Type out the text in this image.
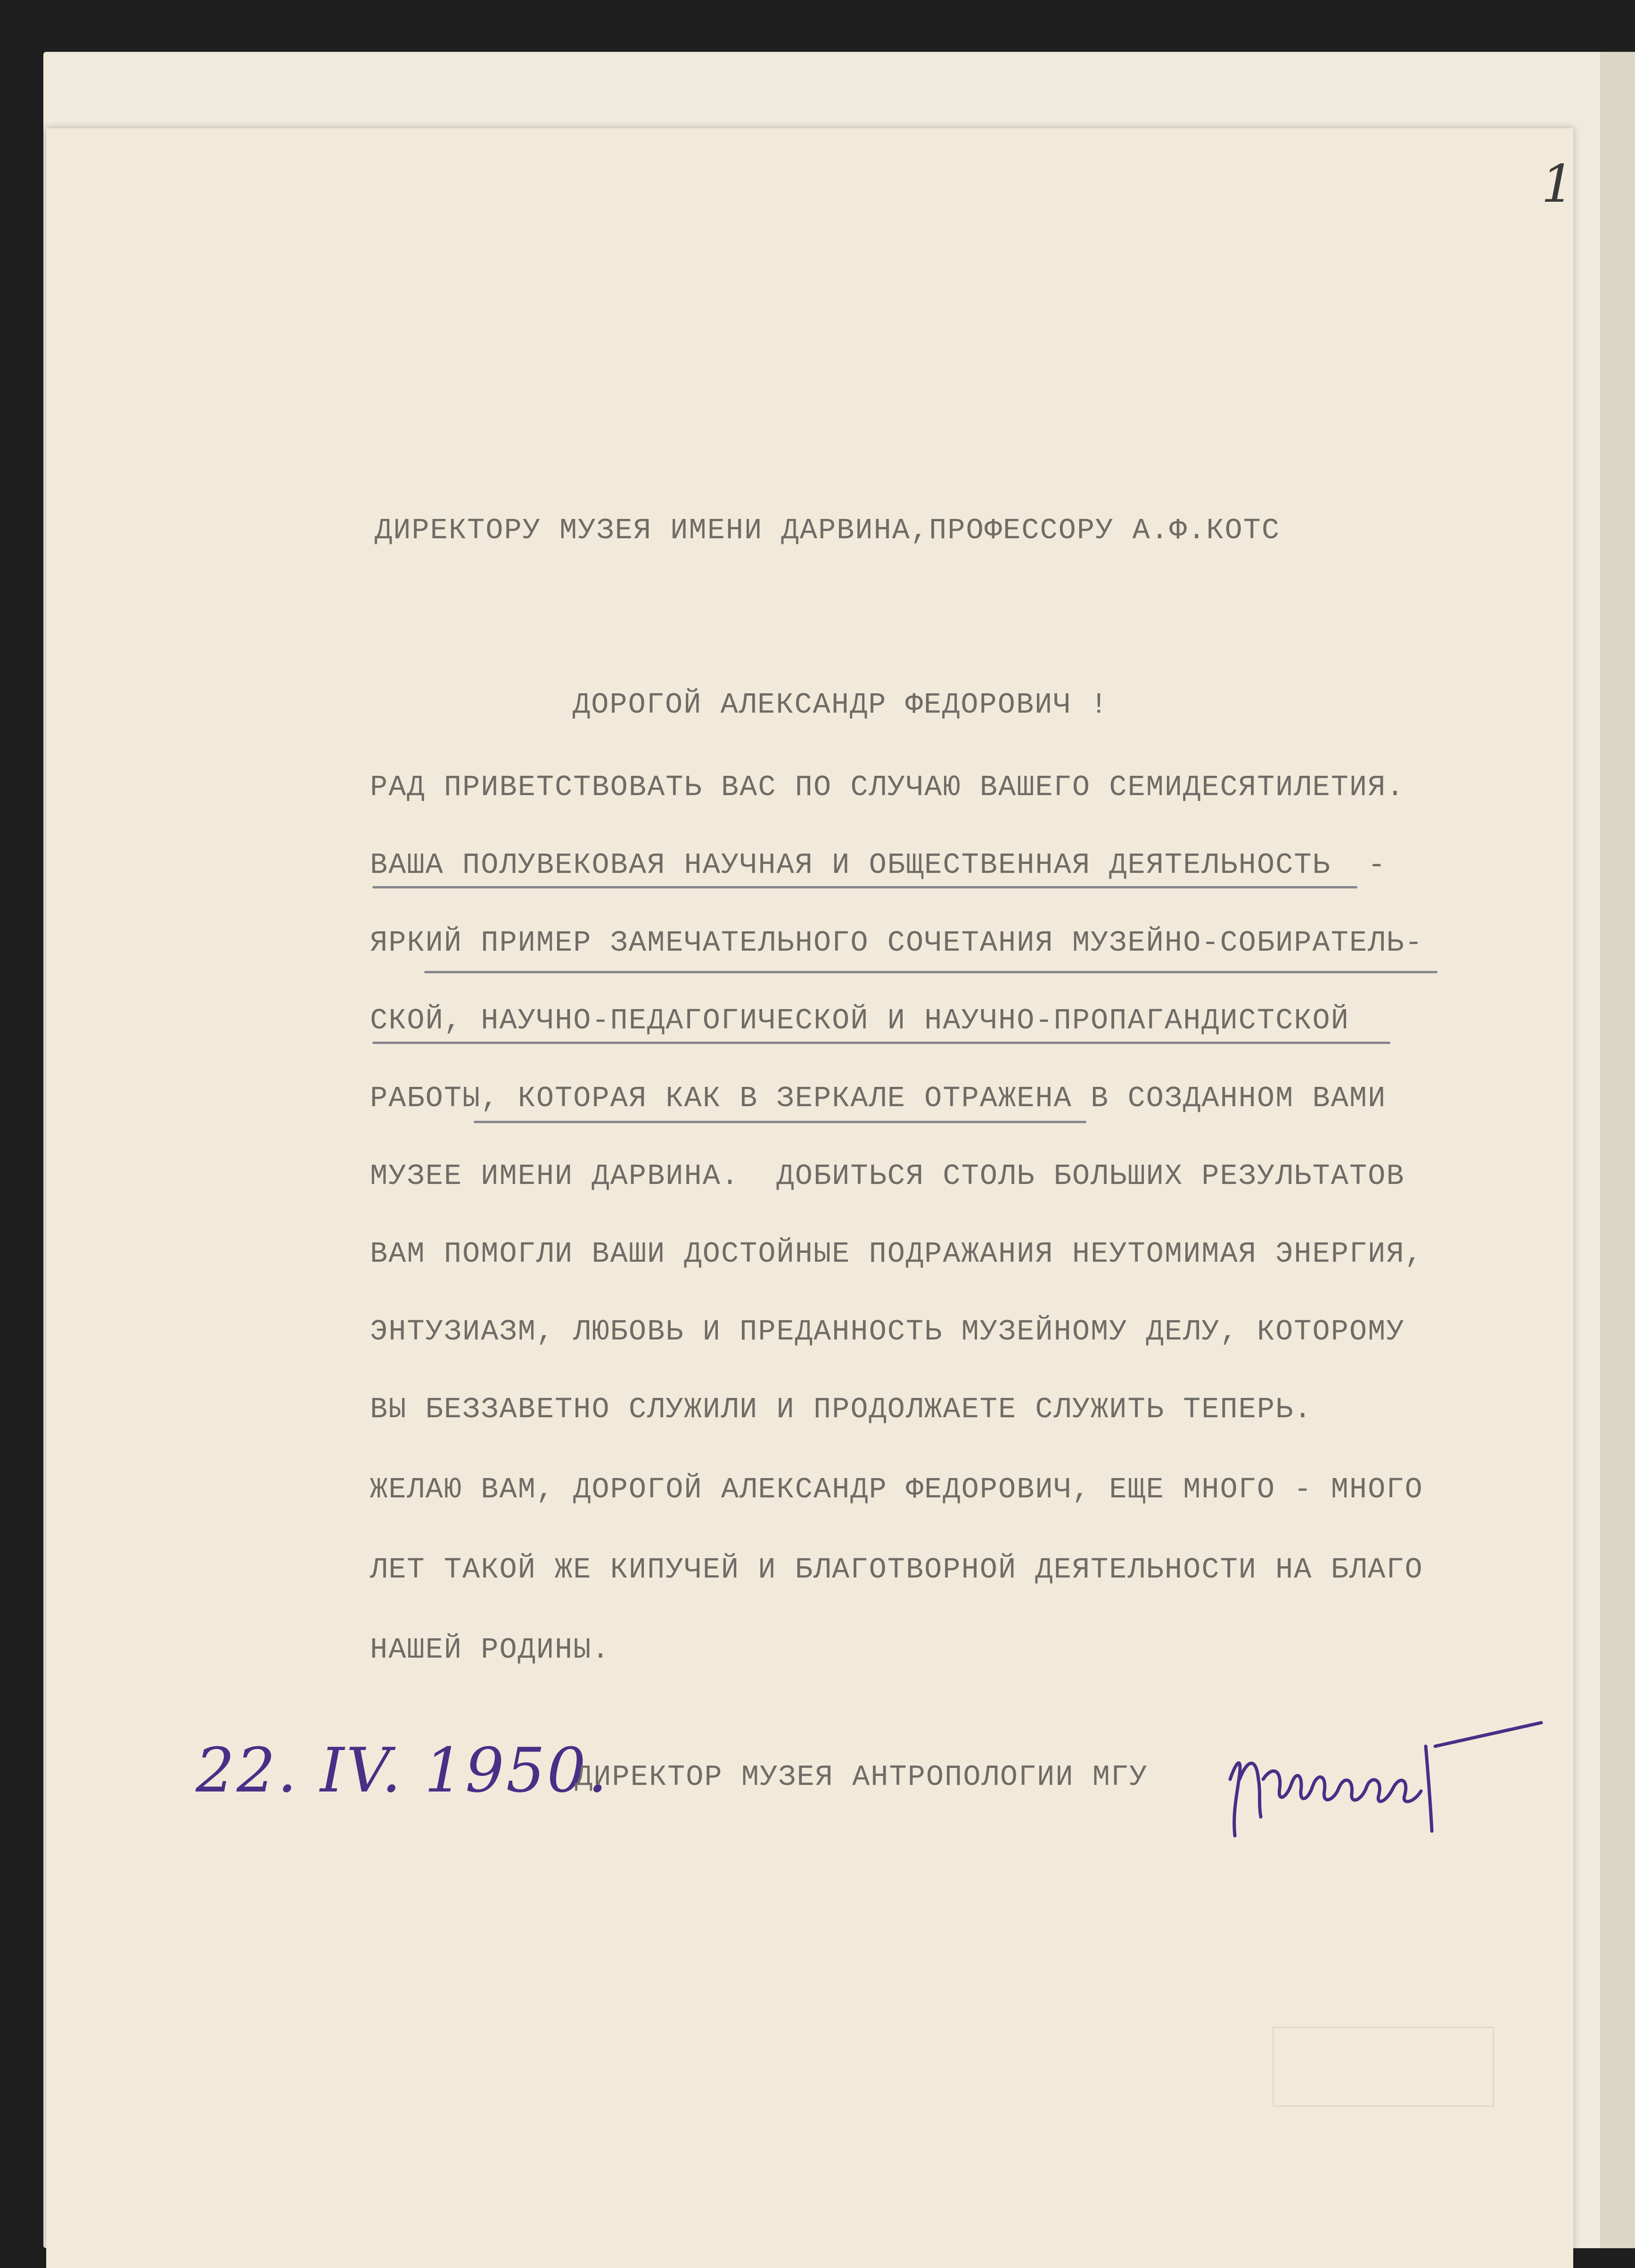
1
ДИРЕКТОРУ МУЗЕЯ ИМЕНИ ДАРВИНА,ПРОФЕССОРУ А.Ф.КОТС
ДОРОГОЙ АЛЕКСАНДР ФЕДОРОВИЧ !
РАД ПРИВЕТСТВОВАТЬ ВАС ПО СЛУЧАЮ ВАШЕГО СЕМИДЕСЯТИЛЕТИЯ.
ВАША ПОЛУВЕКОВАЯ НАУЧНАЯ И ОБЩЕСТВЕННАЯ ДЕЯТЕЛЬНОСТЬ  -
ЯРКИЙ ПРИМЕР ЗАМЕЧАТЕЛЬНОГО СОЧЕТАНИЯ МУЗЕЙНО-СОБИРАТЕЛЬ-
СКОЙ, НАУЧНО-ПЕДАГОГИЧЕСКОЙ И НАУЧНО-ПРОПАГАНДИСТСКОЙ
РАБОТЫ, КОТОРАЯ КАК В ЗЕРКАЛЕ ОТРАЖЕНА В СОЗДАННОМ ВАМИ
МУЗЕЕ ИМЕНИ ДАРВИНА.  ДОБИТЬСЯ СТОЛЬ БОЛЬШИХ РЕЗУЛЬТАТОВ
ВАМ ПОМОГЛИ ВАШИ ДОСТОЙНЫЕ ПОДРАЖАНИЯ НЕУТОМИМАЯ ЭНЕРГИЯ,
ЭНТУЗИАЗМ, ЛЮБОВЬ И ПРЕДАННОСТЬ МУЗЕЙНОМУ ДЕЛУ, КОТОРОМУ
ВЫ БЕЗЗАВЕТНО СЛУЖИЛИ И ПРОДОЛЖАЕТЕ СЛУЖИТЬ ТЕПЕРЬ.
ЖЕЛАЮ ВАМ, ДОРОГОЙ АЛЕКСАНДР ФЕДОРОВИЧ, ЕЩЕ МНОГО - МНОГО
ЛЕТ ТАКОЙ ЖЕ КИПУЧЕЙ И БЛАГОТВОРНОЙ ДЕЯТЕЛЬНОСТИ НА БЛАГО
НАШЕЙ РОДИНЫ.
22. IV. 1950.
ДИРЕКТОР МУЗЕЯ АНТРОПОЛОГИИ МГУ
